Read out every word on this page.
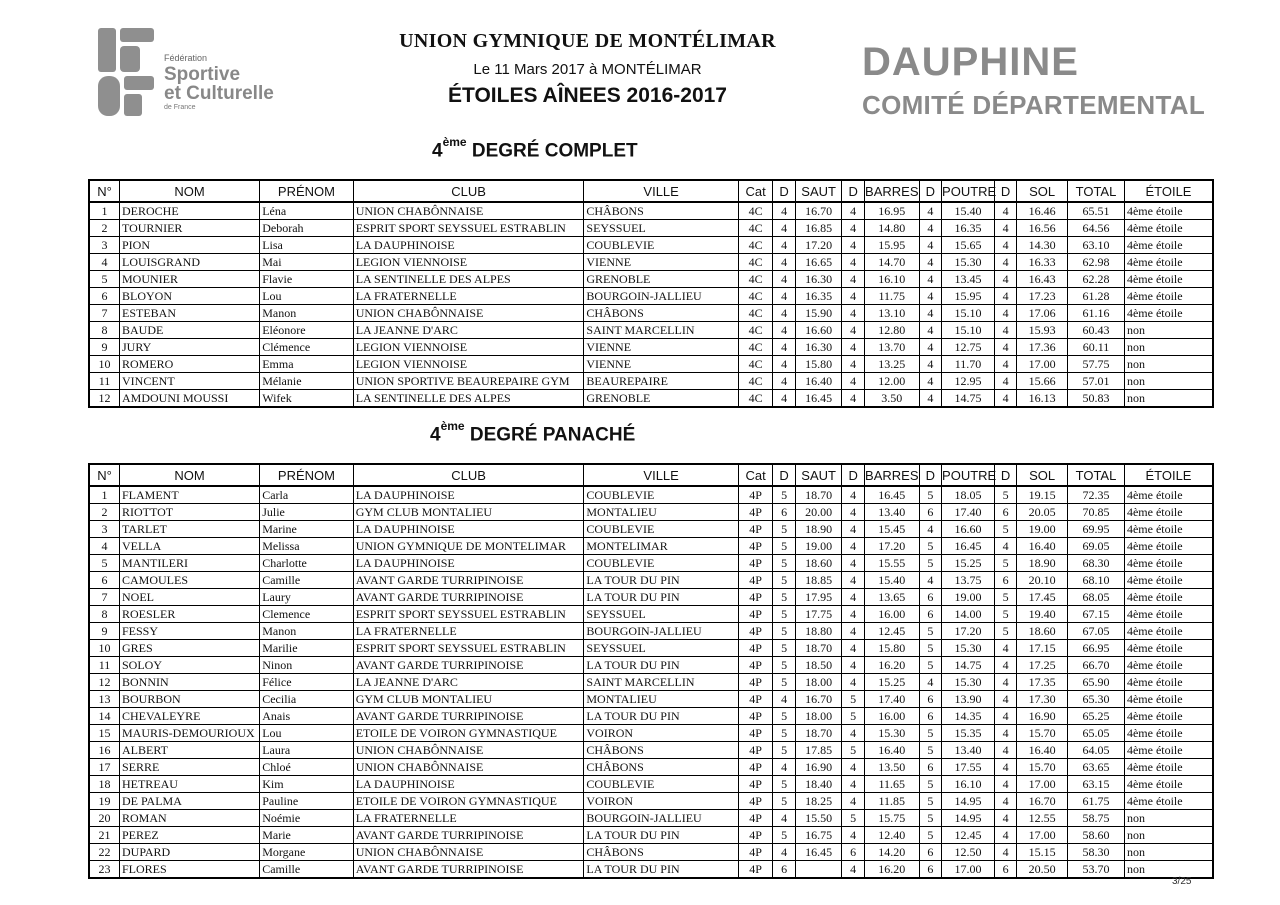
Fédération
Sportive
et Culturelle
de France
UNION GYMNIQUE DE MONTÉLIMAR
Le 11 Mars 2017 à MONTÉLIMAR
ÉTOILES AÎNEES 2016-2017
DAUPHINE
COMITÉ DÉPARTEMENTAL
4ème DEGRÉ COMPLET
N°	NOM	PRÉNOM	CLUB	VILLE	Cat	D	SAUT	D	BARRES	D	POUTRE	D	SOL	TOTAL	ÉTOILE
1	DEROCHE	Léna	UNION CHABÔNNAISE	CHÂBONS	4C	4	16.70	4	16.95	4	15.40	4	16.46	65.51	4ème étoile
2	TOURNIER	Deborah	ESPRIT SPORT SEYSSUEL ESTRABLIN	SEYSSUEL	4C	4	16.85	4	14.80	4	16.35	4	16.56	64.56	4ème étoile
3	PION	Lisa	LA DAUPHINOISE	COUBLEVIE	4C	4	17.20	4	15.95	4	15.65	4	14.30	63.10	4ème étoile
4	LOUISGRAND	Mai	LEGION VIENNOISE	VIENNE	4C	4	16.65	4	14.70	4	15.30	4	16.33	62.98	4ème étoile
5	MOUNIER	Flavie	LA SENTINELLE DES ALPES	GRENOBLE	4C	4	16.30	4	16.10	4	13.45	4	16.43	62.28	4ème étoile
6	BLOYON	Lou	LA FRATERNELLE	BOURGOIN-JALLIEU	4C	4	16.35	4	11.75	4	15.95	4	17.23	61.28	4ème étoile
7	ESTEBAN	Manon	UNION CHABÔNNAISE	CHÂBONS	4C	4	15.90	4	13.10	4	15.10	4	17.06	61.16	4ème étoile
8	BAUDE	Eléonore	LA JEANNE D'ARC	SAINT MARCELLIN	4C	4	16.60	4	12.80	4	15.10	4	15.93	60.43	non
9	JURY	Clémence	LEGION VIENNOISE	VIENNE	4C	4	16.30	4	13.70	4	12.75	4	17.36	60.11	non
10	ROMERO	Emma	LEGION VIENNOISE	VIENNE	4C	4	15.80	4	13.25	4	11.70	4	17.00	57.75	non
11	VINCENT	Mélanie	UNION SPORTIVE BEAUREPAIRE GYM	BEAUREPAIRE	4C	4	16.40	4	12.00	4	12.95	4	15.66	57.01	non
12	AMDOUNI MOUSSI	Wifek	LA SENTINELLE DES ALPES	GRENOBLE	4C	4	16.45	4	3.50	4	14.75	4	16.13	50.83	non
4ème DEGRÉ PANACHÉ
N°	NOM	PRÉNOM	CLUB	VILLE	Cat	D	SAUT	D	BARRES	D	POUTRE	D	SOL	TOTAL	ÉTOILE
1	FLAMENT	Carla	LA DAUPHINOISE	COUBLEVIE	4P	5	18.70	4	16.45	5	18.05	5	19.15	72.35	4ème étoile
2	RIOTTOT	Julie	GYM CLUB MONTALIEU	MONTALIEU	4P	6	20.00	4	13.40	6	17.40	6	20.05	70.85	4ème étoile
3	TARLET	Marine	LA DAUPHINOISE	COUBLEVIE	4P	5	18.90	4	15.45	4	16.60	5	19.00	69.95	4ème étoile
4	VELLA	Melissa	UNION GYMNIQUE DE MONTELIMAR	MONTELIMAR	4P	5	19.00	4	17.20	5	16.45	4	16.40	69.05	4ème étoile
5	MANTILERI	Charlotte	LA DAUPHINOISE	COUBLEVIE	4P	5	18.60	4	15.55	5	15.25	5	18.90	68.30	4ème étoile
6	CAMOULES	Camille	AVANT GARDE TURRIPINOISE	LA TOUR DU PIN	4P	5	18.85	4	15.40	4	13.75	6	20.10	68.10	4ème étoile
7	NOEL	Laury	AVANT GARDE TURRIPINOISE	LA TOUR DU PIN	4P	5	17.95	4	13.65	6	19.00	5	17.45	68.05	4ème étoile
8	ROESLER	Clemence	ESPRIT SPORT SEYSSUEL ESTRABLIN	SEYSSUEL	4P	5	17.75	4	16.00	6	14.00	5	19.40	67.15	4ème étoile
9	FESSY	Manon	LA FRATERNELLE	BOURGOIN-JALLIEU	4P	5	18.80	4	12.45	5	17.20	5	18.60	67.05	4ème étoile
10	GRES	Marilie	ESPRIT SPORT SEYSSUEL ESTRABLIN	SEYSSUEL	4P	5	18.70	4	15.80	5	15.30	4	17.15	66.95	4ème étoile
11	SOLOY	Ninon	AVANT GARDE TURRIPINOISE	LA TOUR DU PIN	4P	5	18.50	4	16.20	5	14.75	4	17.25	66.70	4ème étoile
12	BONNIN	Félice	LA JEANNE D'ARC	SAINT MARCELLIN	4P	5	18.00	4	15.25	4	15.30	4	17.35	65.90	4ème étoile
13	BOURBON	Cecilia	GYM CLUB MONTALIEU	MONTALIEU	4P	4	16.70	5	17.40	6	13.90	4	17.30	65.30	4ème étoile
14	CHEVALEYRE	Anais	AVANT GARDE TURRIPINOISE	LA TOUR DU PIN	4P	5	18.00	5	16.00	6	14.35	4	16.90	65.25	4ème étoile
15	MAURIS-DEMOURIOUX	Lou	ETOILE DE VOIRON GYMNASTIQUE	VOIRON	4P	5	18.70	4	15.30	5	15.35	4	15.70	65.05	4ème étoile
16	ALBERT	Laura	UNION CHABÔNNAISE	CHÂBONS	4P	5	17.85	5	16.40	5	13.40	4	16.40	64.05	4ème étoile
17	SERRE	Chloé	UNION CHABÔNNAISE	CHÂBONS	4P	4	16.90	4	13.50	6	17.55	4	15.70	63.65	4ème étoile
18	HETREAU	Kim	LA DAUPHINOISE	COUBLEVIE	4P	5	18.40	4	11.65	5	16.10	4	17.00	63.15	4ème étoile
19	DE PALMA	Pauline	ETOILE DE VOIRON GYMNASTIQUE	VOIRON	4P	5	18.25	4	11.85	5	14.95	4	16.70	61.75	4ème étoile
20	ROMAN	Noémie	LA FRATERNELLE	BOURGOIN-JALLIEU	4P	4	15.50	5	15.75	5	14.95	4	12.55	58.75	non
21	PEREZ	Marie	AVANT GARDE TURRIPINOISE	LA TOUR DU PIN	4P	5	16.75	4	12.40	5	12.45	4	17.00	58.60	non
22	DUPARD	Morgane	UNION CHABÔNNAISE	CHÂBONS	4P	4	16.45	6	14.20	6	12.50	4	15.15	58.30	non
23	FLORES	Camille	AVANT GARDE TURRIPINOISE	LA TOUR DU PIN	4P	6		4	16.20	6	17.00	6	20.50	53.70	non
3/25
